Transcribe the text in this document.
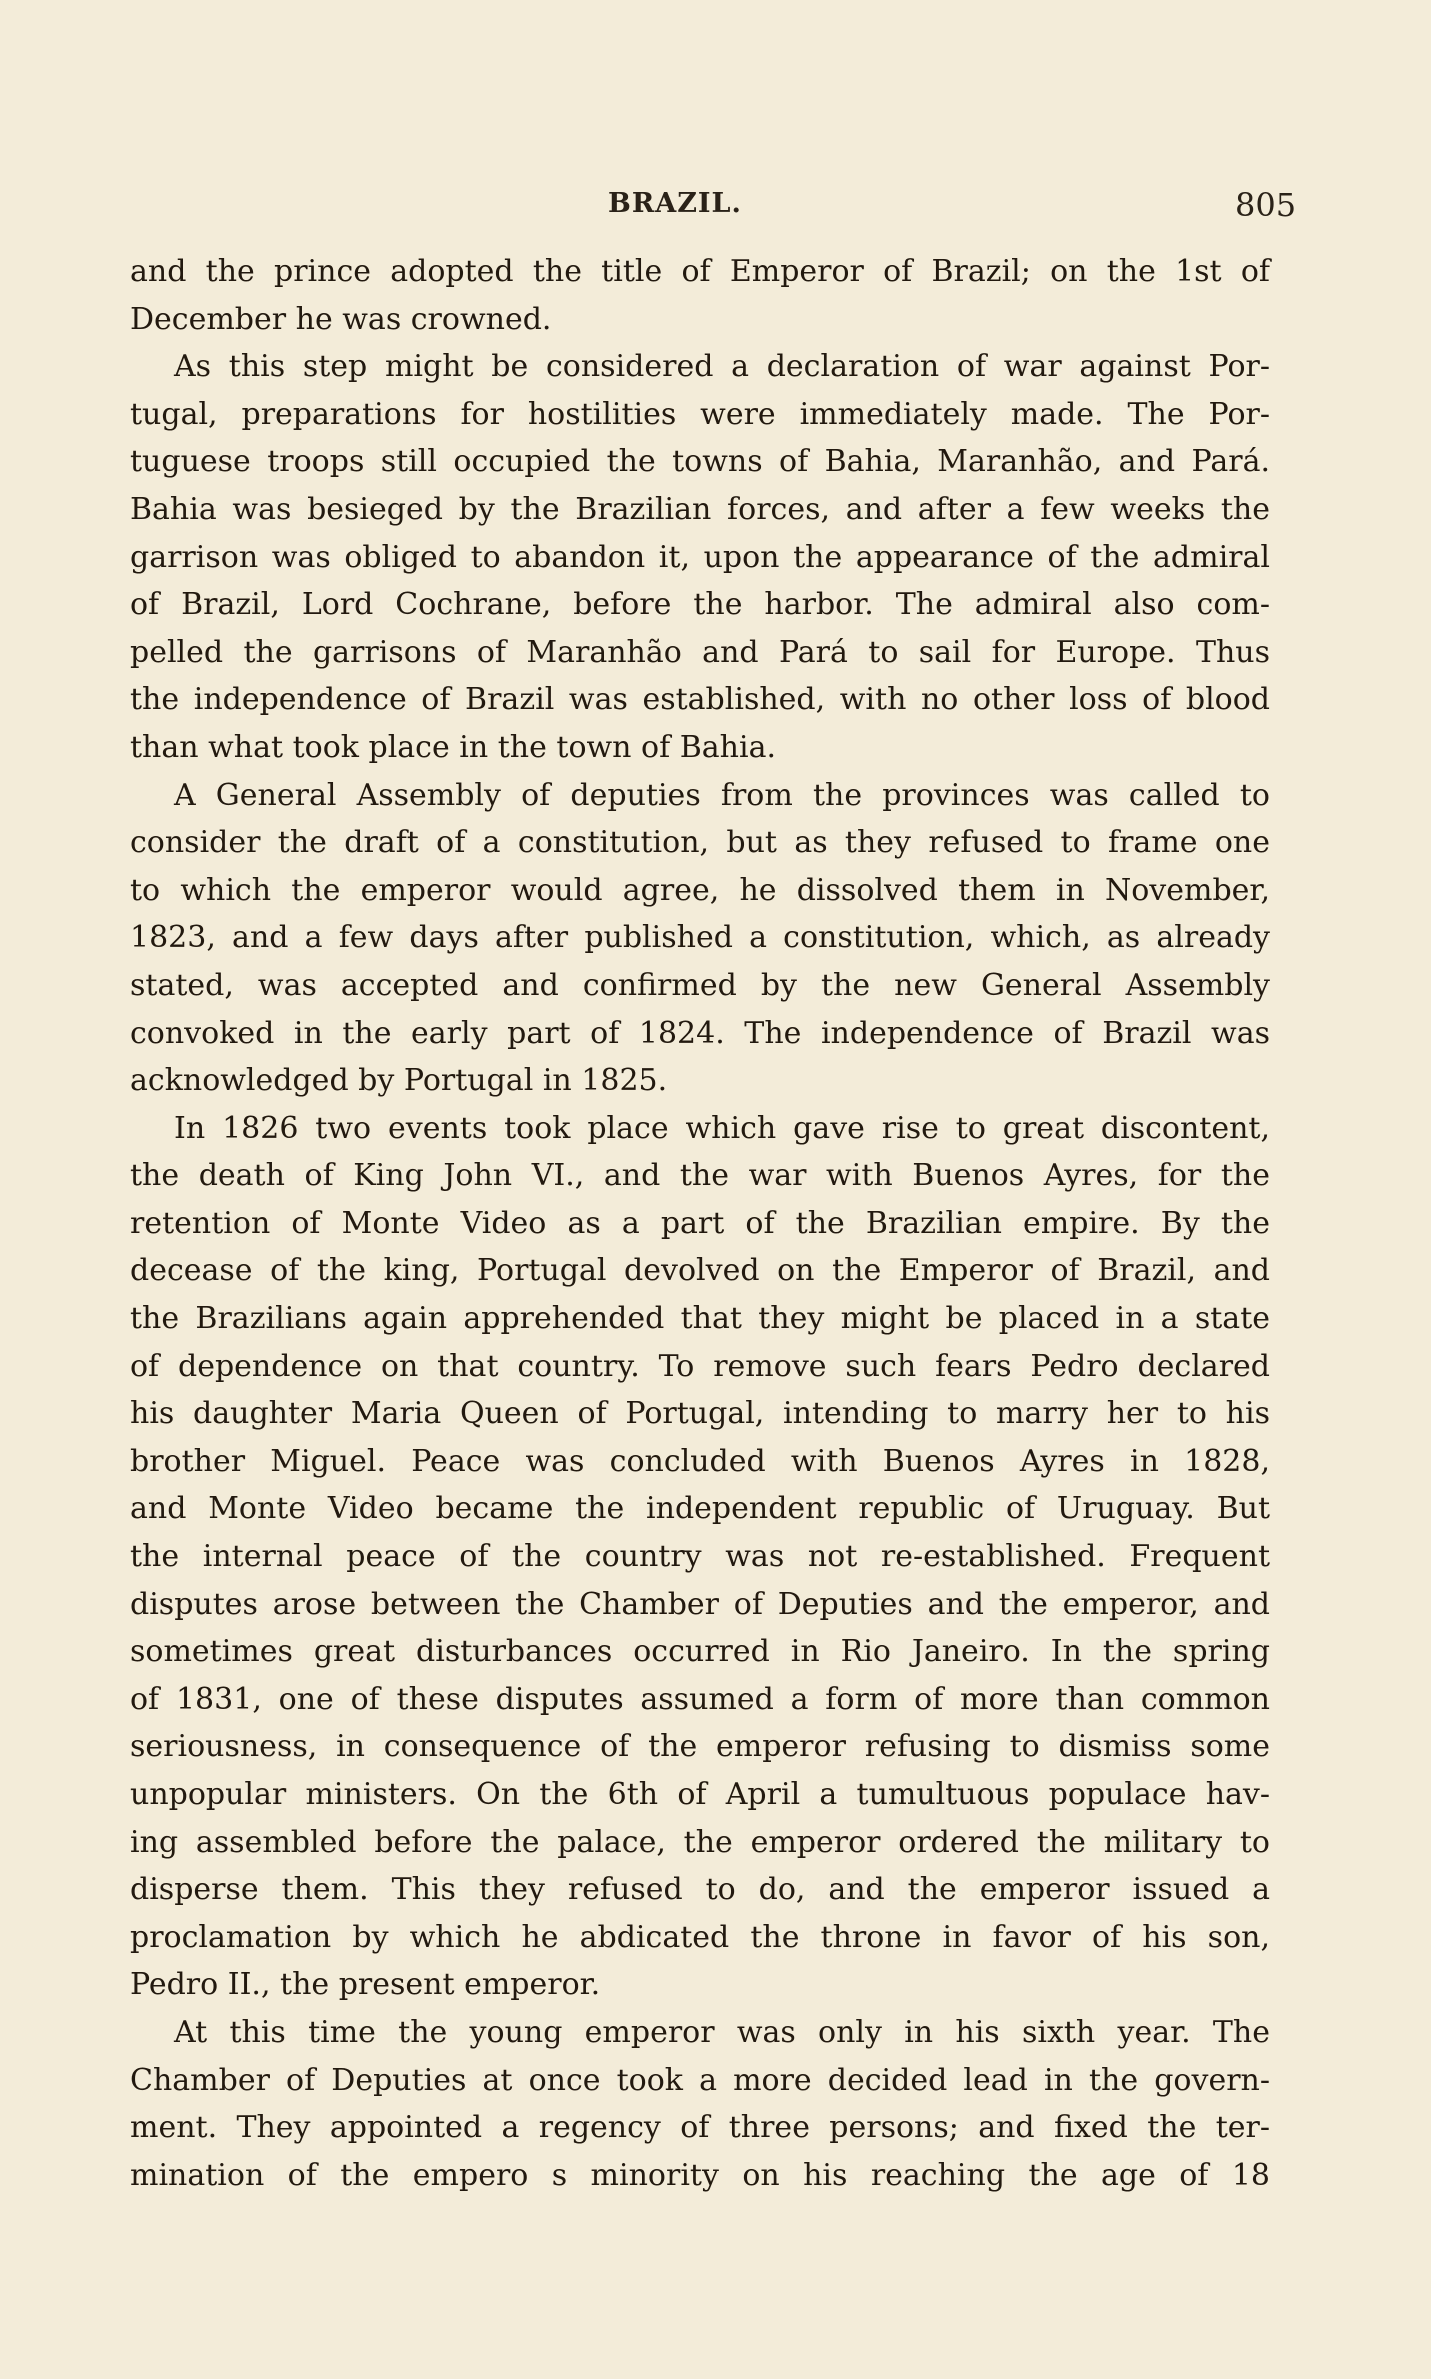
BRAZIL.	805

and the prince adopted the title of Emperor of Brazil; on the 1st of
December he was crowned.

As this step might be considered a declaration of war against Por-
tugal, preparations for hostilities were immediately made. The Por-
tuguese troops still occupied the towns of Bahia, Maranhão, and Pará.
Bahia was besieged by the Brazilian forces, and after a few weeks the
garrison was obliged to abandon it, upon the appearance of the admiral
of Brazil, Lord Cochrane, before the harbor. The admiral also com-
pelled the garrisons of Maranhão and Pará to sail for Europe. Thus
the independence of Brazil was established, with no other loss of blood
than what took place in the town of Bahia.

A General Assembly of deputies from the provinces was called to
consider the draft of a constitution, but as they refused to frame one
to which the emperor would agree, he dissolved them in November,
1823, and a few days after published a constitution, which, as already
stated, was accepted and confirmed by the new General Assembly
convoked in the early part of 1824. The independence of Brazil was
acknowledged by Portugal in 1825.

In 1826 two events took place which gave rise to great discontent,
the death of King John VI., and the war with Buenos Ayres, for the
retention of Monte Video as a part of the Brazilian empire. By the
decease of the king, Portugal devolved on the Emperor of Brazil, and
the Brazilians again apprehended that they might be placed in a state
of dependence on that country. To remove such fears Pedro declared
his daughter Maria Queen of Portugal, intending to marry her to his
brother Miguel. Peace was concluded with Buenos Ayres in 1828,
and Monte Video became the independent republic of Uruguay. But
the internal peace of the country was not re-established. Frequent
disputes arose between the Chamber of Deputies and the emperor, and
sometimes great disturbances occurred in Rio Janeiro. In the spring
of 1831, one of these disputes assumed a form of more than common
seriousness, in consequence of the emperor refusing to dismiss some
unpopular ministers. On the 6th of April a tumultuous populace hav-
ing assembled before the palace, the emperor ordered the military to
disperse them. This they refused to do, and the emperor issued a
proclamation by which he abdicated the throne in favor of his son,
Pedro II., the present emperor.

At this time the young emperor was only in his sixth year. The
Chamber of Deputies at once took a more decided lead in the govern-
ment. They appointed a regency of three persons; and fixed the ter-
mination of the empero s minority on his reaching the age of 18
